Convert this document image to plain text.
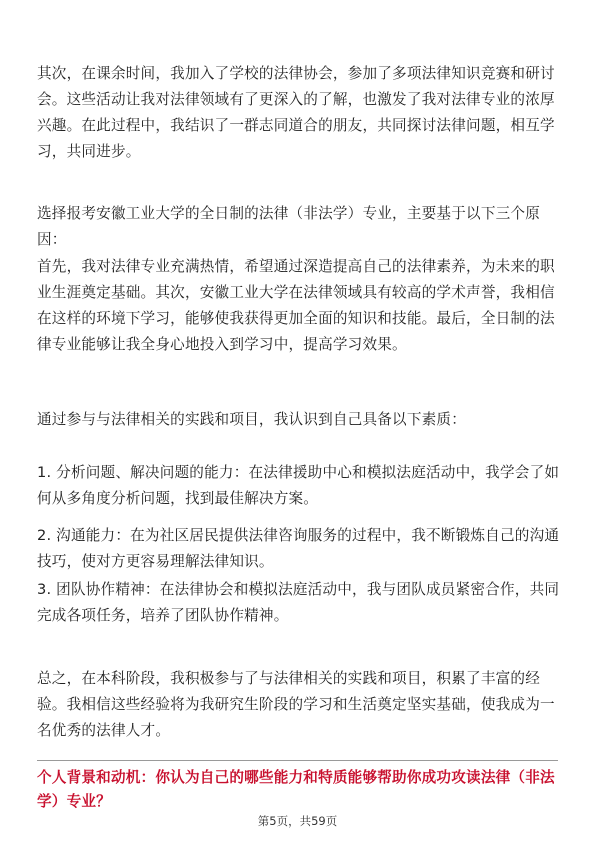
其次，在课余时间，我加入了学校的法律协会，参加了多项法律知识竞赛和研讨会。这些活动让我对法律领域有了更深入的了解，也激发了我对法律专业的浓厚兴趣。在此过程中，我结识了一群志同道合的朋友，共同探讨法律问题，相互学习，共同进步。

选择报考安徽工业大学的全日制的法律（非法学）专业，主要基于以下三个原因：

首先，我对法律专业充满热情，希望通过深造提高自己的法律素养，为未来的职业生涯奠定基础。其次，安徽工业大学在法律领域具有较高的学术声誉，我相信在这样的环境下学习，能够使我获得更加全面的知识和技能。最后，全日制的法律专业能够让我全身心地投入到学习中，提高学习效果。

通过参与与法律相关的实践和项目，我认识到自己具备以下素质：

1. 分析问题、解决问题的能力：在法律援助中心和模拟法庭活动中，我学会了如何从多角度分析问题，找到最佳解决方案。

2. 沟通能力：在为社区居民提供法律咨询服务的过程中，我不断锻炼自己的沟通技巧，使对方更容易理解法律知识。

3. 团队协作精神：在法律协会和模拟法庭活动中，我与团队成员紧密合作，共同完成各项任务，培养了团队协作精神。

总之，在本科阶段，我积极参与了与法律相关的实践和项目，积累了丰富的经验。我相信这些经验将为我研究生阶段的学习和生活奠定坚实基础，使我成为一名优秀的法律人才。

个人背景和动机：你认为自己的哪些能力和特质能够帮助你成功攻读法律（非法学）专业？

第5页，共59页
